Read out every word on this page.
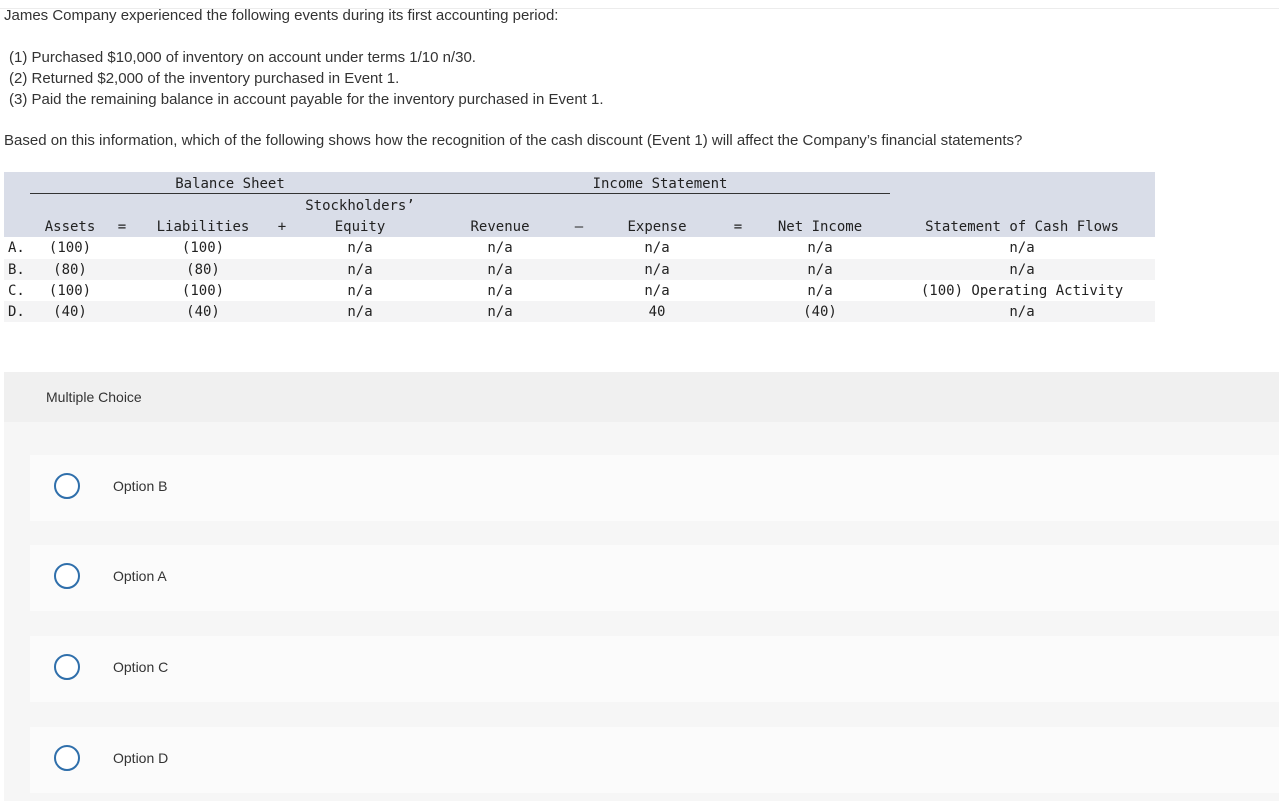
James Company experienced the following events during its first accounting period:
(1) Purchased $10,000 of inventory on account under terms 1/10 n/30.
(2) Returned $2,000 of the inventory purchased in Event 1.
(3) Paid the remaining balance in account payable for the inventory purchased in Event 1.
Based on this information, which of the following shows how the recognition of the cash discount (Event 1) will affect the Company’s financial statements?
Balance Sheet	Income Statement
Stockholders’
Assets = Liabilities +	Equity	Revenue	–	Expense	=	Net Income	Statement of Cash Flows
A. (100)	(100)	n/a	n/a	n/a	n/a	n/a
B. (80)	(80)	n/a	n/a	n/a	n/a	n/a
C. (100)	(100)	n/a	n/a	n/a	n/a	(100) Operating Activity
D. (40)	(40)	n/a	n/a	40	(40)	n/a
Multiple Choice
Option B
Option A
Option C
Option D
